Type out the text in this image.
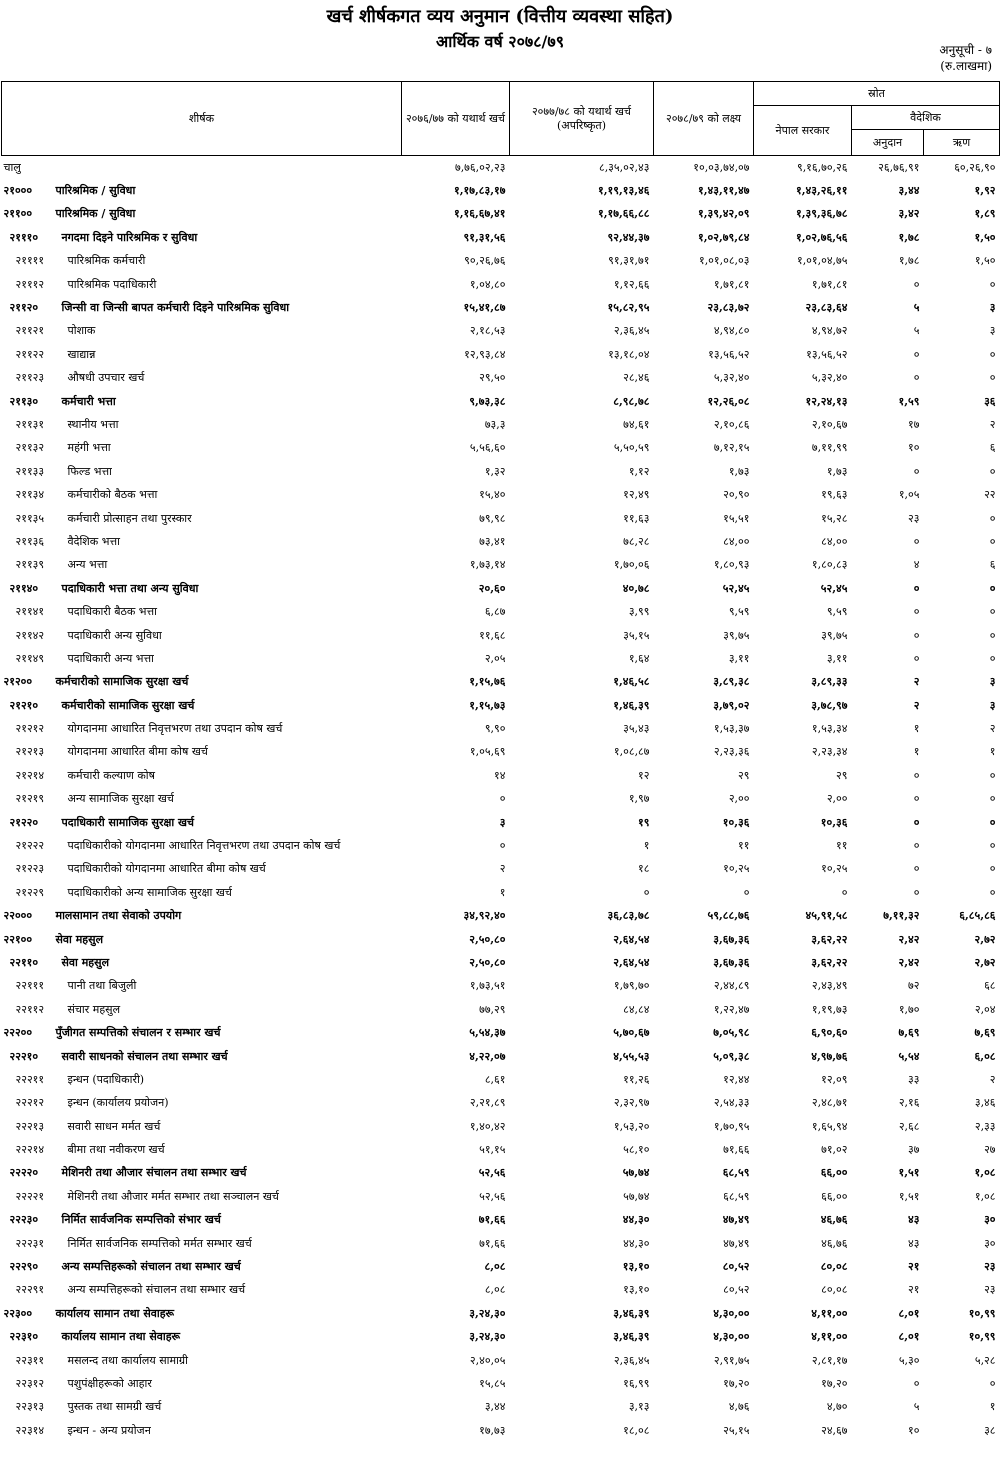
खर्च शीर्षकगत व्यय अनुमान (वित्तीय व्यवस्था सहित)
आर्थिक वर्ष २०७८/७९	अनुसूची - ७
(रु.लाखमा)
शीर्षक	२०७६/७७ को यथार्थ खर्च	२०७७/७८ को यथार्थ खर्च (अपरिष्कृत)	२०७८/७९ को लक्ष्य	स्रोत		
				नेपाल सरकार	वैदेशिक	
					अनुदान	ऋण
चालु	७,७६,०२,२३	८,३५,०२,४३	१०,०३,७४,०७	९,१६,७०,२६	२६,७६,९१	६०,२६,९०
२१००० पारिश्रमिक / सुविधा	१,१७,८३,१७	१,१९,१३,४६	१,४३,११,४७	१,४३,२६,११	३,४४	१,९२
२११०० पारिश्रमिक / सुविधा	१,१६,६७,४१	१,१७,६६,८८	१,३९,४२,०९	१,३९,३६,७८	३,४२	१,८९
२१११० नगदमा दिइने पारिश्रमिक र सुविधा	९१,३१,५६	९२,४४,३७	१,०२,७९,८४	१,०२,७६,५६	१,७८	१,५०
२११११ पारिश्रमिक कर्मचारी	९०,२६,७६	९१,३१,७१	१,०१,०८,०३	१,०१,०४,७५	१,७८	१,५०
२१११२ पारिश्रमिक पदाधिकारी	१,०४,८०	१,१२,६६	१,७१,८१	१,७१,८१	०	०
२११२० जिन्सी वा जिन्सी बापत कर्मचारी दिइने पारिश्रमिक सुविधा	१५,४१,८७	१५,८२,९५	२३,८३,७२	२३,८३,६४	५	३
२११२१ पोशाक	२,१८,५३	२,३६,४५	४,९४,८०	४,९४,७२	५	३
२११२२ खाद्यान्न	१२,९३,८४	१३,१८,०४	१३,५६,५२	१३,५६,५२	०	०
२११२३ औषधी उपचार खर्च	२९,५०	२८,४६	५,३२,४०	५,३२,४०	०	०
२११३० कर्मचारी भत्ता	९,७३,३८	८,९८,७८	१२,२६,०८	१२,२४,१३	१,५९	३६
२११३१ स्थानीय भत्ता	७३,३	७४,६१	२,१०,८६	२,१०,६७	१७	२
२११३२ महंगी भत्ता	५,५६,६०	५,५०,५९	७,१२,१५	७,११,९९	१०	६
२११३३ फिल्ड भत्ता	१,३२	१,१२	१,७३	१,७३	०	०
२११३४ कर्मचारीको बैठक भत्ता	१५,४०	१२,४९	२०,९०	१९,६३	१,०५	२२
२११३५ कर्मचारी प्रोत्साहन तथा पुरस्कार	७९,९८	११,६३	१५,५१	१५,२८	२३	०
२११३६ वैदेशिक भत्ता	७३,४१	७८,२८	८४,००	८४,००	०	०
२११३९ अन्य भत्ता	१,७३,१४	१,७०,०६	१,८०,९३	१,८०,८३	४	६
२११४० पदाधिकारी भत्ता तथा अन्य सुविधा	२०,६०	४०,७८	५२,४५	५२,४५	०	०
२११४१ पदाधिकारी बैठक भत्ता	६,८७	३,९९	९,५९	९,५९	०	०
२११४२ पदाधिकारी अन्य सुविधा	११,६८	३५,१५	३९,७५	३९,७५	०	०
२११४९ पदाधिकारी अन्य भत्ता	२,०५	१,६४	३,११	३,११	०	०
२१२०० कर्मचारीको सामाजिक सुरक्षा खर्च	१,१५,७६	१,४६,५८	३,८९,३८	३,८९,३३	२	३
२१२१० कर्मचारीको सामाजिक सुरक्षा खर्च	१,१५,७३	१,४६,३९	३,७९,०२	३,७८,९७	२	३
२१२१२ योगदानमा आधारित निवृत्तभरण तथा उपदान कोष खर्च	९,९०	३५,४३	१,५३,३७	१,५३,३४	१	२
२१२१३ योगदानमा आधारित बीमा कोष खर्च	१,०५,६९	१,०८,८७	२,२३,३६	२,२३,३४	१	१
२१२१४ कर्मचारी कल्याण कोष	१४	१२	२९	२९	०	०
२१२१९ अन्य सामाजिक सुरक्षा खर्च	०	१,९७	२,००	२,००	०	०
२१२२० पदाधिकारी सामाजिक सुरक्षा खर्च	३	१९	१०,३६	१०,३६	०	०
२१२२२ पदाधिकारीको योगदानमा आधारित निवृत्तभरण तथा उपदान कोष खर्च	०	१	११	११	०	०
२१२२३ पदाधिकारीको योगदानमा आधारित बीमा कोष खर्च	२	१८	१०,२५	१०,२५	०	०
२१२२९ पदाधिकारीको अन्य सामाजिक सुरक्षा खर्च	१	०	०	०	०	०
२२००० मालसामान तथा सेवाको उपयोग	३४,९२,४०	३६,८३,७८	५९,८८,७६	४५,९१,५८	७,११,३२	६,८५,८६
२२१०० सेवा महसुल	२,५०,८०	२,६४,५४	३,६७,३६	३,६२,२२	२,४२	२,७२
२२११० सेवा महसुल	२,५०,८०	२,६४,५४	३,६७,३६	३,६२,२२	२,४२	२,७२
२२१११ पानी तथा बिजुली	१,७३,५१	१,७९,७०	२,४४,८९	२,४३,४९	७२	६८
२२११२ संचार महसुल	७७,२९	८४,८४	१,२२,४७	१,१९,७३	१,७०	२,०४
२२२०० पुँजीगत सम्पत्तिको संचालन र सम्भार खर्च	५,५४,३७	५,७०,६७	७,०५,९८	६,९०,६०	७,६९	७,६९
२२२१० सवारी साधनको संचालन तथा सम्भार खर्च	४,२२,०७	४,५५,५३	५,०९,३८	४,९७,७६	५,५४	६,०८
२२२११ इन्धन (पदाधिकारी)	८,६१	११,२६	१२,४४	१२,०९	३३	२
२२२१२ इन्धन (कार्यालय प्रयोजन)	२,२१,८९	२,३२,९७	२,५४,३३	२,४८,७१	२,१६	३,४६
२२२१३ सवारी साधन मर्मत खर्च	१,४०,४२	१,५३,२०	१,७०,९५	१,६५,९४	२,६८	२,३३
२२२१४ बीमा तथा नवीकरण खर्च	५१,१५	५८,१०	७१,६६	७१,०२	३७	२७
२२२२० मेशिनरी तथा औजार संचालन तथा सम्भार खर्च	५२,५६	५७,७४	६८,५९	६६,००	१,५१	१,०८
२२२२१ मेशिनरी तथा औजार मर्मत सम्भार तथा सञ्चालन खर्च	५२,५६	५७,७४	६८,५९	६६,००	१,५१	१,०८
२२२३० निर्मित सार्वजनिक सम्पत्तिको संभार खर्च	७१,६६	४४,३०	४७,४९	४६,७६	४३	३०
२२२३१ निर्मित सार्वजनिक सम्पत्तिको मर्मत सम्भार खर्च	७१,६६	४४,३०	४७,४९	४६,७६	४३	३०
२२२९० अन्य सम्पत्तिहरूको संचालन तथा सम्भार खर्च	८,०८	१३,१०	८०,५२	८०,०८	२१	२३
२२२९१ अन्य सम्पत्तिहरूको संचालन तथा सम्भार खर्च	८,०८	१३,१०	८०,५२	८०,०८	२१	२३
२२३०० कार्यालय सामान तथा सेवाहरू	३,२४,३०	३,४६,३९	४,३०,००	४,११,००	८,०१	१०,९९
२२३१० कार्यालय सामान तथा सेवाहरू	३,२४,३०	३,४६,३९	४,३०,००	४,११,००	८,०१	१०,९९
२२३११ मसलन्द तथा कार्यालय सामाग्री	२,४०,०५	२,३६,४५	२,९१,७५	२,८१,१७	५,३०	५,२८
२२३१२ पशुपंक्षीहरूको आहार	१५,८५	१६,९९	१७,२०	१७,२०	०	०
२२३१३ पुस्तक तथा सामग्री खर्च	३,४४	३,१३	४,७६	४,७०	५	१
२२३१४ इन्धन - अन्य प्रयोजन	१७,७३	१८,०८	२५,१५	२४,६७	१०	३८
